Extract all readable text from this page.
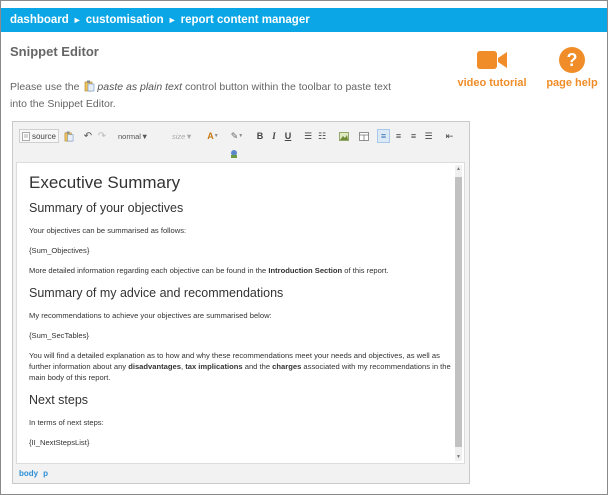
dashboard ► customisation ► report content manager
Snippet Editor
video tutorial
?
page help
Please use the paste as plain text control button within the toolbar to paste text into the Snippet Editor.
source	↶ ↷ normal ▼	size ▼ A ▼ ✎ ▼ B I U ☰ ☷	≡ ≡ ≡ ☰ ⇤
Executive Summary
Summary of your objectives

Your objectives can be summarised as follows:

{Sum_Objectives}

More detailed information regarding each objective can be found in the Introduction Section of this report.

Summary of my advice and recommendations

My recommendations to achieve your objectives are summarised below:

{Sum_SecTables}

You will find a detailed explanation as to how and why these recommendations meet your needs and objectives, as well as further information about any disadvantages, tax implications and the charges associated with my recommendations in the main body of this report.

Next steps

In terms of next steps:

{II_NextStepsList}

▲
▼
body p
